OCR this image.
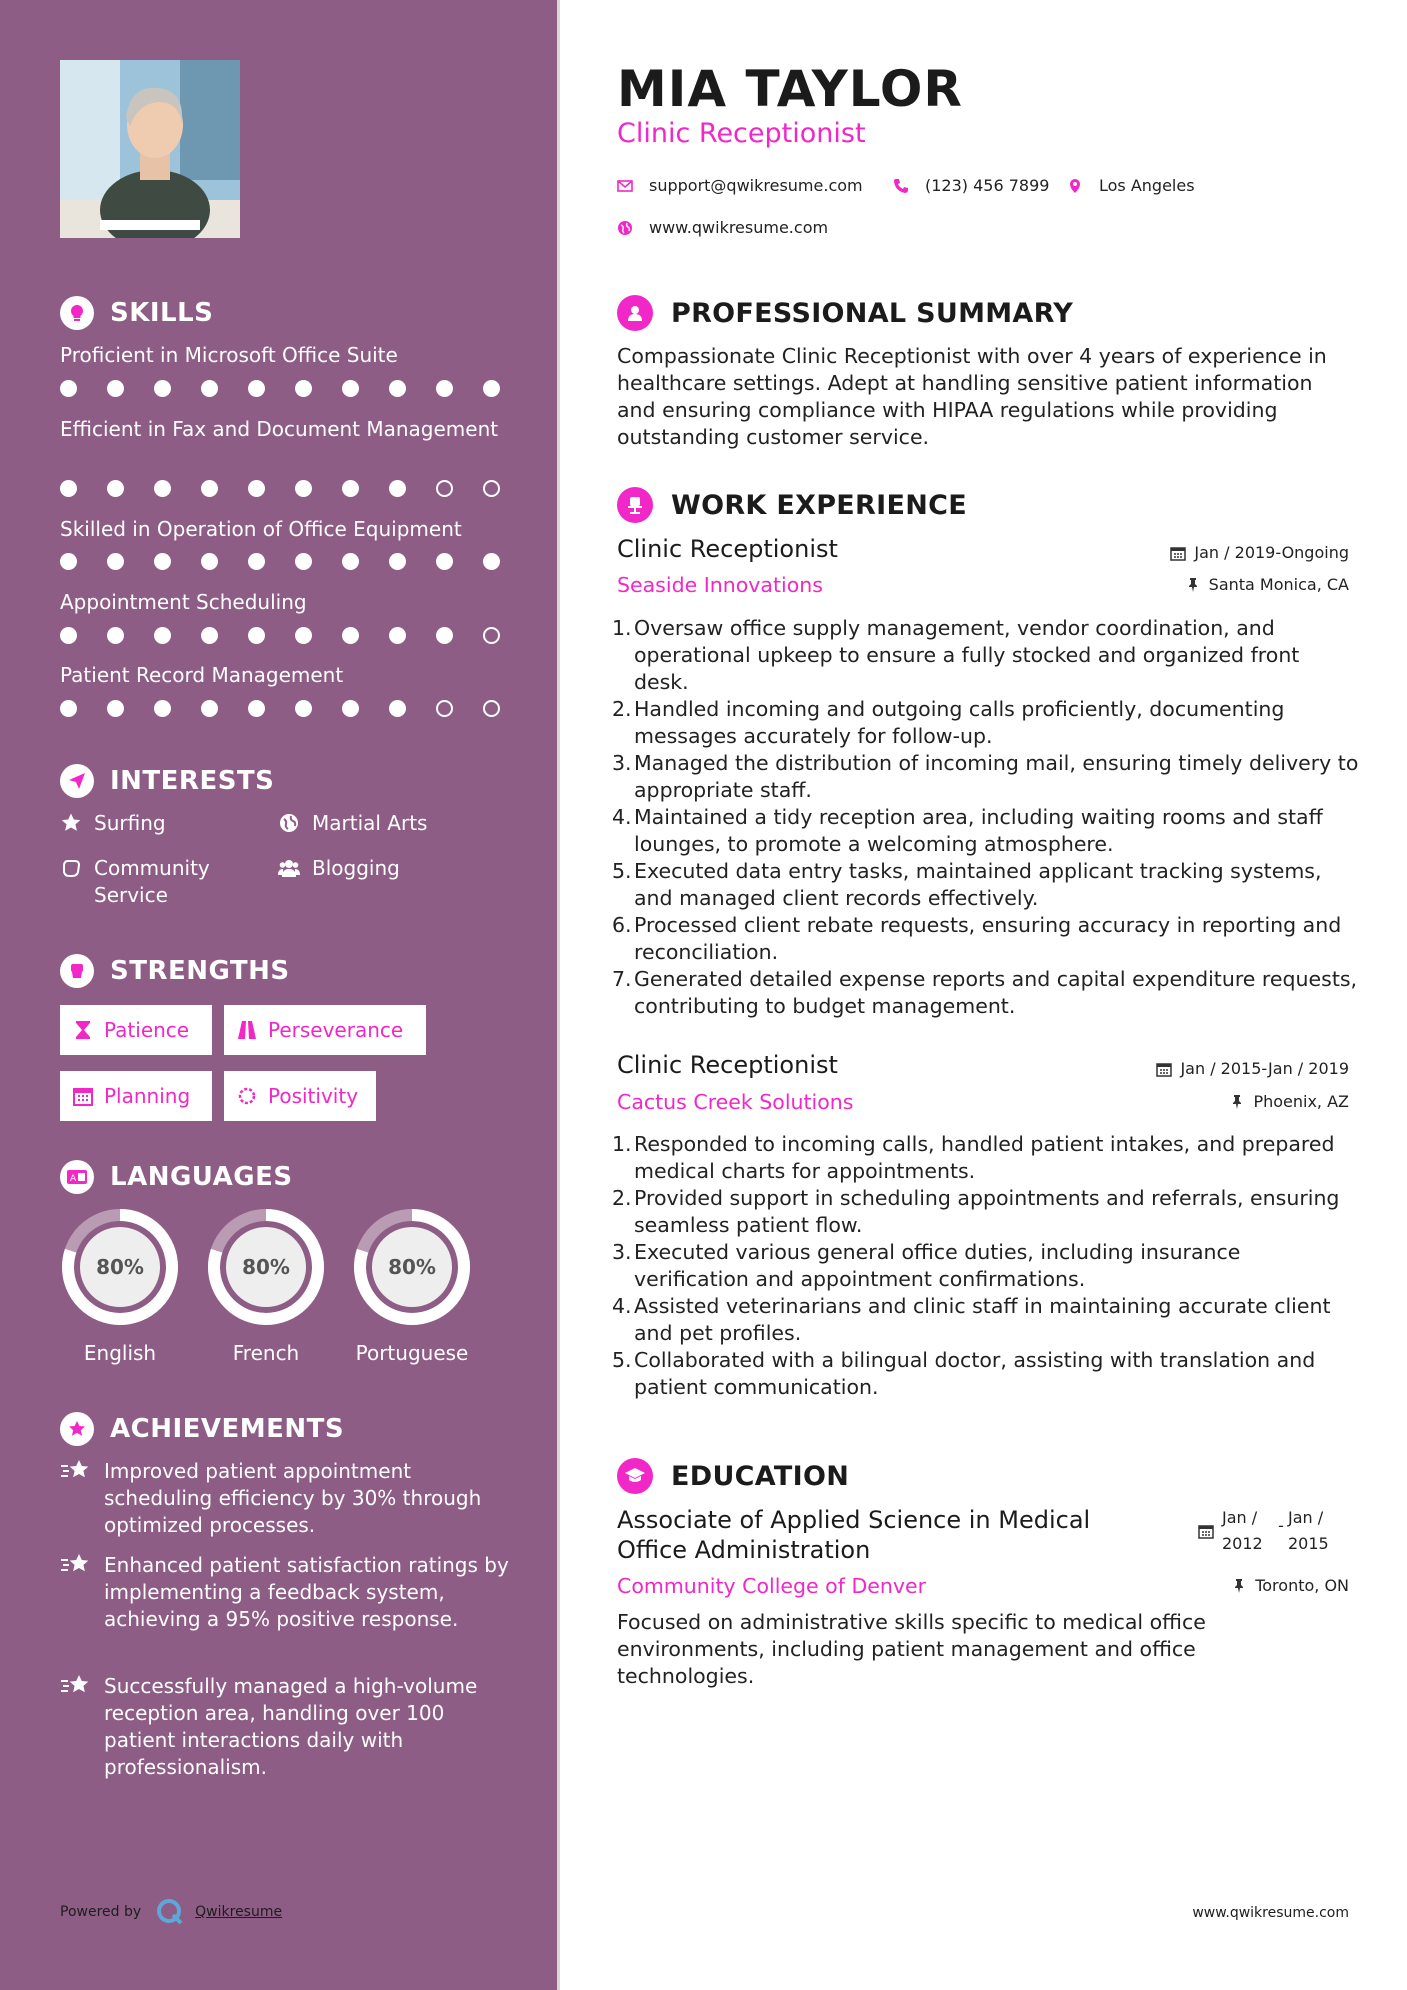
SKILLS
Proficient in Microsoft Office Suite
Efficient in Fax and Document Management
Skilled in Operation of Office Equipment
Appointment Scheduling
Patient Record Management
INTERESTS
Surfing	Martial Arts
Community Service
Blogging
STRENGTHS
Patience	Perseverance
Planning	Positivity
A LANGUAGES
80%
English
80%
French
80%
Portuguese
ACHIEVEMENTS
Improved patient appointment scheduling efficiency by 30% through optimized processes.
Enhanced patient satisfaction ratings by implementing a feedback system, achieving a 95% positive response.
Successfully managed a high-volume reception area, handling over 100 patient interactions daily with professionalism.
Powered by	Qwikresume
MIA TAYLOR
Clinic Receptionist
support@qwikresume.com	(123) 456 7899	Los Angeles
www.qwikresume.com
PROFESSIONAL SUMMARY
Compassionate Clinic Receptionist with over 4 years of experience in healthcare settings. Adept at handling sensitive patient information and ensuring compliance with HIPAA regulations while providing outstanding customer service.
WORK EXPERIENCE
Clinic Receptionist	Jan / 2019-Ongoing
Seaside Innovations	Santa Monica, CA
1. Oversaw office supply management, vendor coordination, and operational upkeep to ensure a fully stocked and organized front desk.
2. Handled incoming and outgoing calls proficiently, documenting messages accurately for follow-up.
3. Managed the distribution of incoming mail, ensuring timely delivery to appropriate staff.
4. Maintained a tidy reception area, including waiting rooms and staff lounges, to promote a welcoming atmosphere.
5. Executed data entry tasks, maintained applicant tracking systems, and managed client records effectively.
6. Processed client rebate requests, ensuring accuracy in reporting and reconciliation.
7. Generated detailed expense reports and capital expenditure requests, contributing to budget management.
Clinic Receptionist	Jan / 2015-Jan / 2019
Cactus Creek Solutions	Phoenix, AZ
1. Responded to incoming calls, handled patient intakes, and prepared medical charts for appointments.
2. Provided support in scheduling appointments and referrals, ensuring seamless patient flow.
3. Executed various general office duties, including insurance verification and appointment confirmations.
4. Assisted veterinarians and clinic staff in maintaining accurate client and pet profiles.
5. Collaborated with a bilingual doctor, assisting with translation and patient communication.
EDUCATION
Associate of Applied Science in Medical Office Administration
Jan /
2012
- Jan /
2015
Community College of Denver	Toronto, ON
Focused on administrative skills specific to medical office environments, including patient management and office technologies.
www.qwikresume.com
